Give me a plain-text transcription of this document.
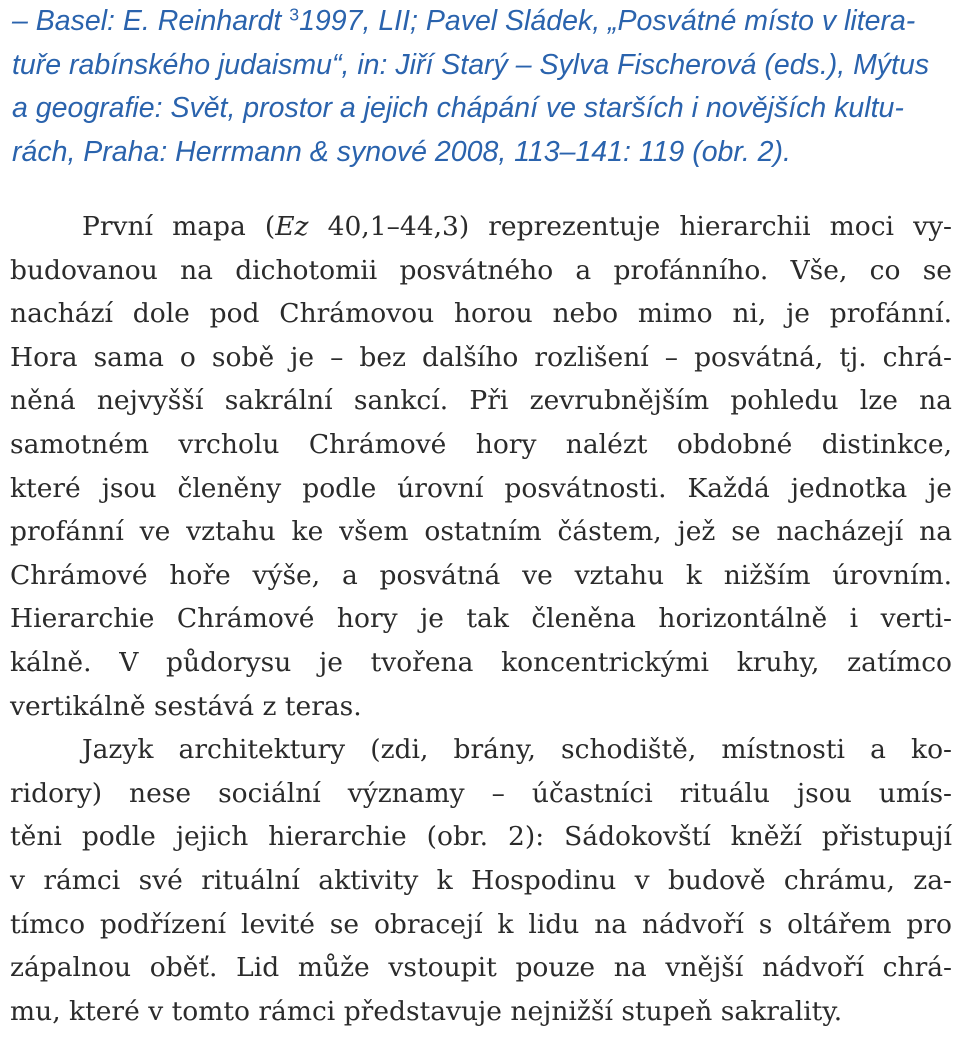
– Basel: E. Reinhardt $^3$1997, LII; Pavel Sládek, „Posvátné místo v litera-
tuře rabínského judaismu“, in: Jiří Starý – Sylva Fischerová (eds.), Mýtus
a geografie: Svět, prostor a jejich chápání ve starších i novějších kultu-
rách, Praha: Herrmann & synové 2008, 113–141: 119 (obr. 2).
První mapa (Ez 40,1–44,3) reprezentuje hierarchii moci vy-
budovanou na dichotomii posvátného a profánního. Vše, co se
nachází dole pod Chrámovou horou nebo mimo ni, je profánní.
Hora sama o sobě je – bez dalšího rozlišení – posvátná, tj. chrá-
něná nejvyšší sakrální sankcí. Při zevrubnějším pohledu lze na
samotném vrcholu Chrámové hory nalézt obdobné distinkce,
které jsou členěny podle úrovní posvátnosti. Každá jednotka je
profánní ve vztahu ke všem ostatním částem, jež se nacházejí na
Chrámové hoře výše, a posvátná ve vztahu k nižším úrovním.
Hierarchie Chrámové hory je tak členěna horizontálně i verti-
kálně. V půdorysu je tvořena koncentrickými kruhy, zatímco
vertikálně sestává z teras.
Jazyk architektury (zdi, brány, schodiště, místnosti a ko-
ridory) nese sociální významy – účastníci rituálu jsou umís-
těni podle jejich hierarchie (obr. 2): Sádokovští kněží přistupují
v rámci své rituální aktivity k Hospodinu v budově chrámu, za-
tímco podřízení levité se obracejí k lidu na nádvoří s oltářem pro
zápalnou oběť. Lid může vstoupit pouze na vnější nádvoří chrá-
mu, které v tomto rámci představuje nejnižší stupeň sakrality.
